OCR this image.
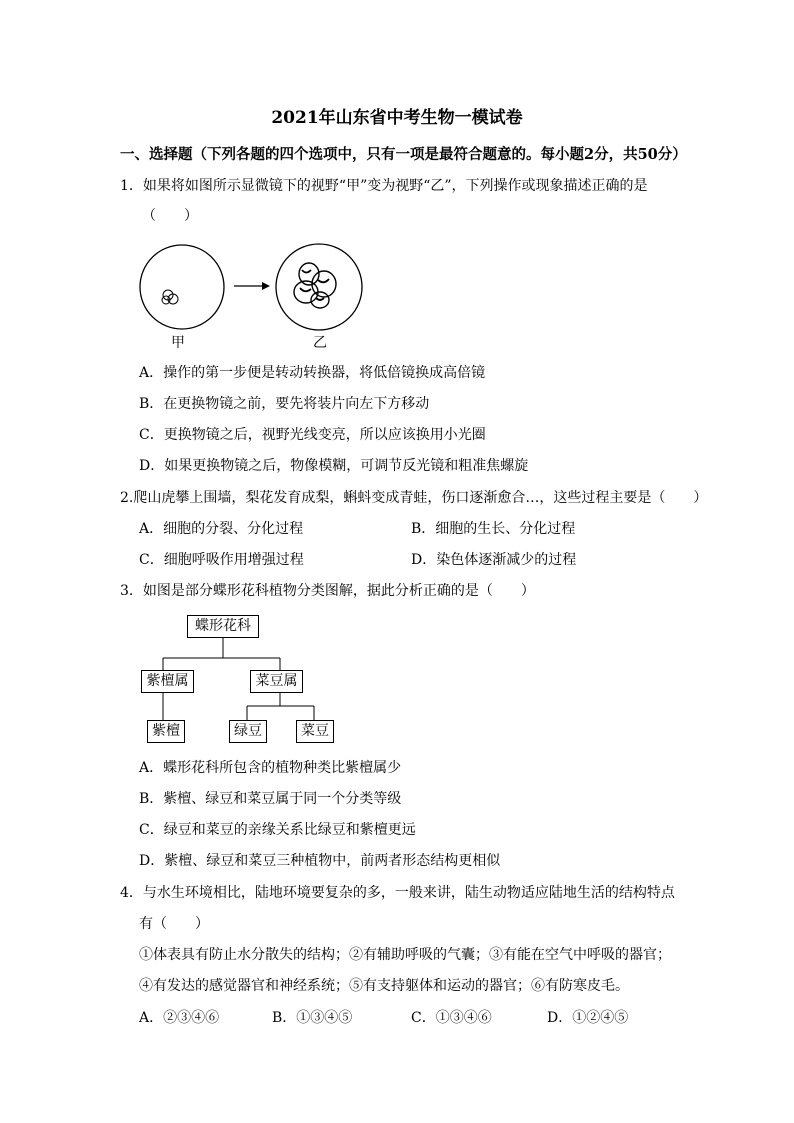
2021年山东省中考生物一模试卷
一、选择题（下列各题的四个选项中，只有一项是最符合题意的。每小题2分，共50分）
1．如果将如图所示显微镜下的视野“甲”变为视野“乙”，下列操作或现象描述正确的是
（　　）
甲	乙
A．操作的第一步便是转动转换器，将低倍镜换成高倍镜
B．在更换物镜之前，要先将装片向左下方移动
C．更换物镜之后，视野光线变亮，所以应该换用小光圈
D．如果更换物镜之后，物像模糊，可调节反光镜和粗准焦螺旋
2.爬山虎攀上围墙，梨花发育成梨，蝌蚪变成青蛙，伤口逐渐愈合…，这些过程主要是（　　）
A．细胞的分裂、分化过程	B．细胞的生长、分化过程
C．细胞呼吸作用增强过程	D．染色体逐渐减少的过程
3．如图是部分蝶形花科植物分类图解，据此分析正确的是（　　）
蝶形花科
紫檀属	菜豆属
紫檀	绿豆	菜豆
A．蝶形花科所包含的植物种类比紫檀属少
B．紫檀、绿豆和菜豆属于同一个分类等级
C．绿豆和菜豆的亲缘关系比绿豆和紫檀更远
D．紫檀、绿豆和菜豆三种植物中，前两者形态结构更相似
4．与水生环境相比，陆地环境要复杂的多，一般来讲，陆生动物适应陆地生活的结构特点
有（　　）
①体表具有防止水分散失的结构；②有辅助呼吸的气囊；③有能在空气中呼吸的器官；
④有发达的感觉器官和神经系统；⑤有支持躯体和运动的器官；⑥有防寒皮毛。
A．②③④⑥	B．①③④⑤	C．①③④⑥	D．①②④⑤
